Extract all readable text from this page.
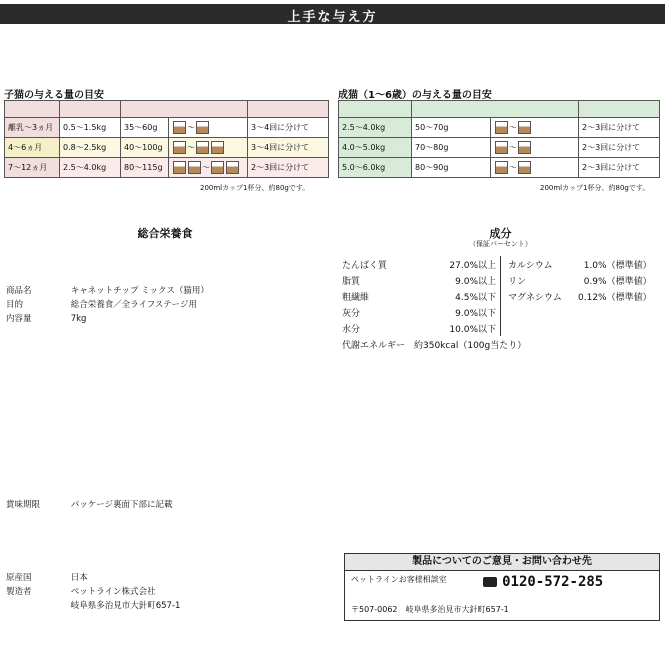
上手な与え方
子猫の与える量の目安

離乳〜3ヵ月	0.5〜1.5kg	35〜60g	〜	3〜4回に分けて
4〜6ヵ月	0.8〜2.5kg	40〜100g	〜	3〜4回に分けて
7〜12ヵ月	2.5〜4.0kg	80〜115g	〜	2〜3回に分けて
200mlカップ1杯分、約80gです。
成猫（1〜6歳）の与える量の目安

2.5〜4.0kg	50〜70g	〜	2〜3回に分けて
4.0〜5.0kg	70〜80g	〜	2〜3回に分けて
5.0〜6.0kg	80〜90g	〜	2〜3回に分けて
200mlカップ1杯分、約80gです。
総合栄養食
商品名	キャネットチップ ミックス（猫用）
目的	総合栄養食／全ライフステージ用
内容量	7kg
賞味期限	パッケージ裏面下部に記載
原産国	日本
製造者	ペットライン株式会社
岐阜県多治見市大針町657-1
成分
（保証パーセント）
たんぱく質	27.0%以上
脂質	9.0%以上
粗繊維	4.5%以下
灰分	9.0%以下
水分	10.0%以下
カルシウム	1.0%（標準値）
リン	0.9%（標準値）
マグネシウム	0.12%（標準値）
代謝エネルギー　約350kcal（100g当たり）
製品についてのご意見・お問い合わせ先
ペットラインお客様相談室	0120-572-285
〒507-0062　岐阜県多治見市大針町657-1
